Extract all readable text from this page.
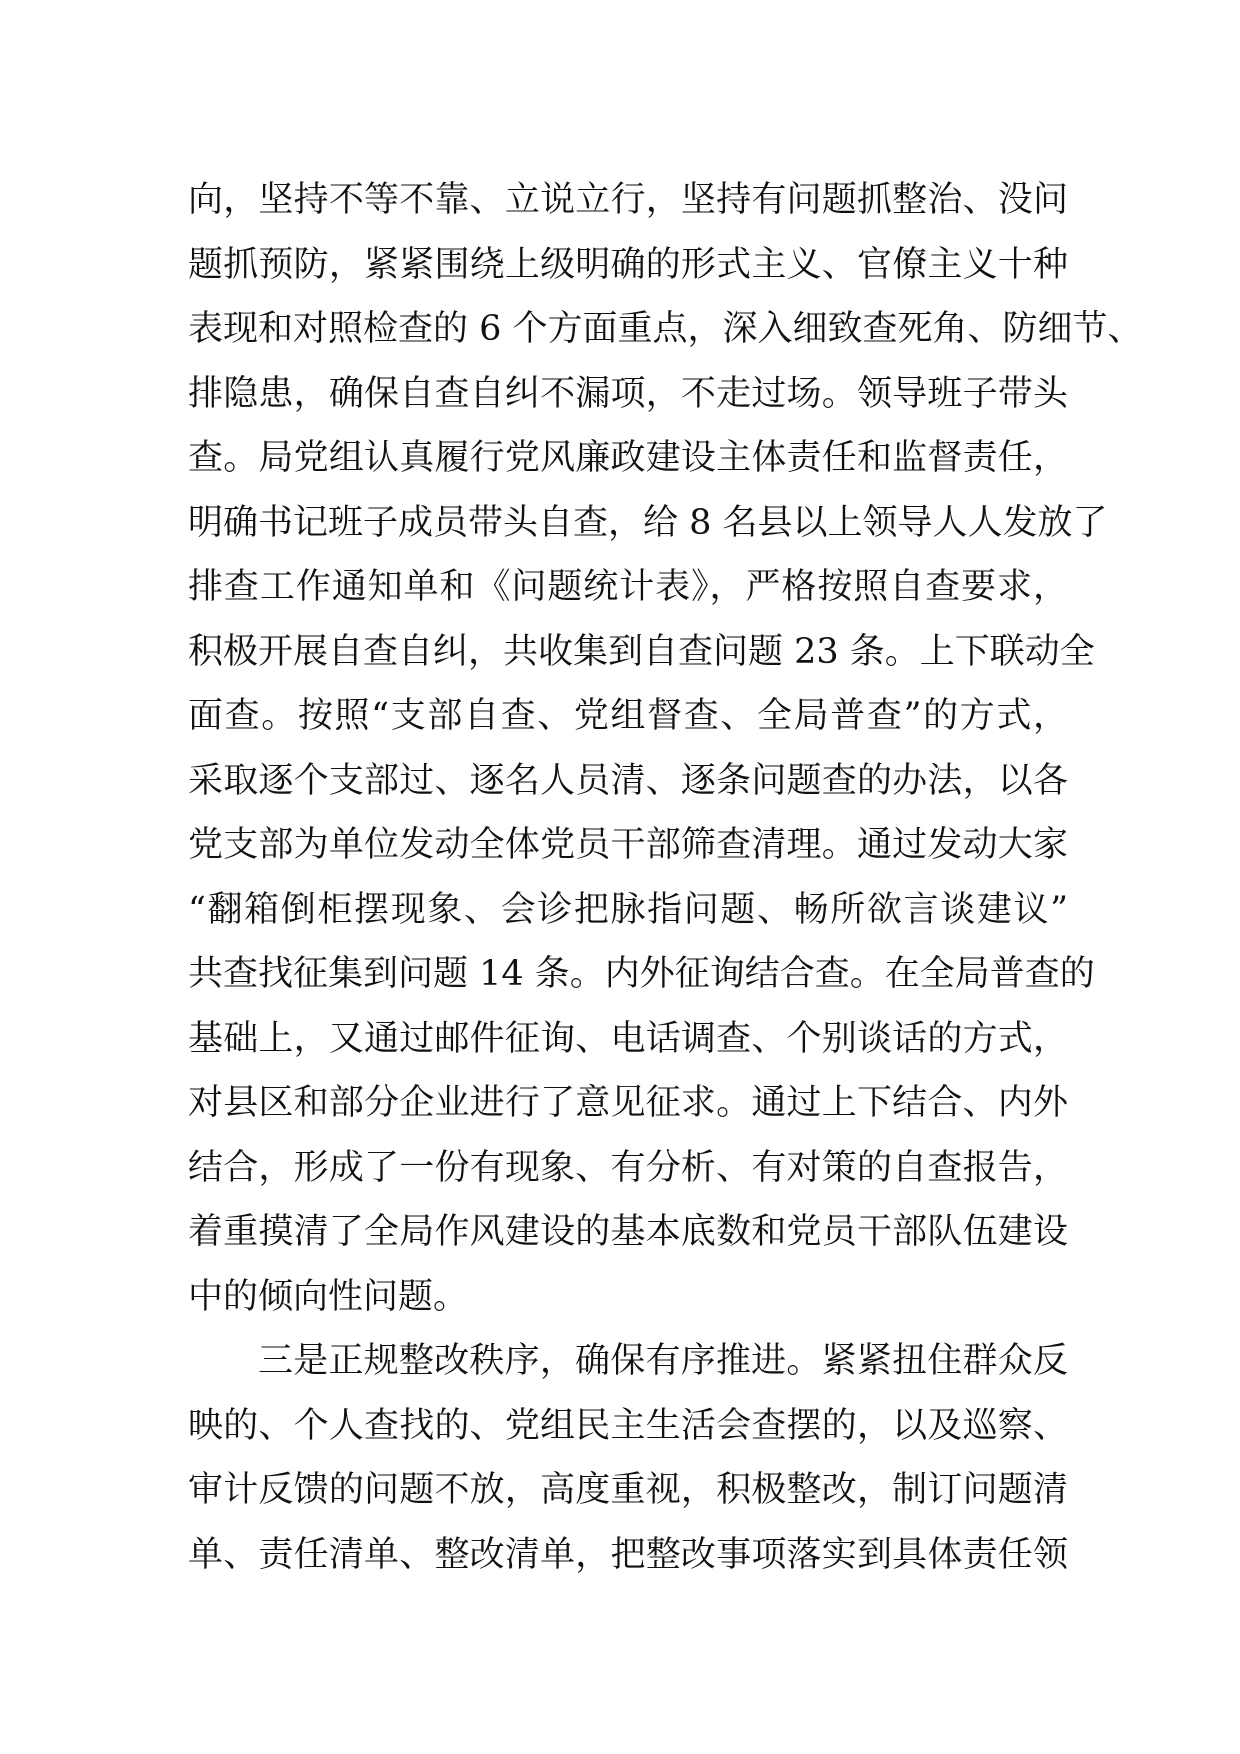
向，坚持不等不靠、立说立行，坚持有问题抓整治、没问
题抓预防，紧紧围绕上级明确的形式主义、官僚主义十种
表现和对照检查的 6 个方面重点，深入细致查死角、防细节、
排隐患，确保自查自纠不漏项，不走过场。领导班子带头
查。局党组认真履行党风廉政建设主体责任和监督责任，
明确书记班子成员带头自查，给 8 名县以上领导人人发放了
排查工作通知单和《问题统计表》，严格按照自查要求，
积极开展自查自纠，共收集到自查问题 23 条。上下联动全
面查。按照“支部自查、党组督查、全局普查”的方式，
采取逐个支部过、逐名人员清、逐条问题查的办法，以各
党支部为单位发动全体党员干部筛查清理。通过发动大家
“翻箱倒柜摆现象、会诊把脉指问题、畅所欲言谈建议”
共查找征集到问题 14 条。内外征询结合查。在全局普查的
基础上，又通过邮件征询、电话调查、个别谈话的方式，
对县区和部分企业进行了意见征求。通过上下结合、内外
结合，形成了一份有现象、有分析、有对策的自查报告，
着重摸清了全局作风建设的基本底数和党员干部队伍建设
中的倾向性问题。
三是正规整改秩序，确保有序推进。紧紧扭住群众反
映的、个人查找的、党组民主生活会查摆的，以及巡察、
审计反馈的问题不放，高度重视，积极整改，制订问题清
单、责任清单、整改清单，把整改事项落实到具体责任领
